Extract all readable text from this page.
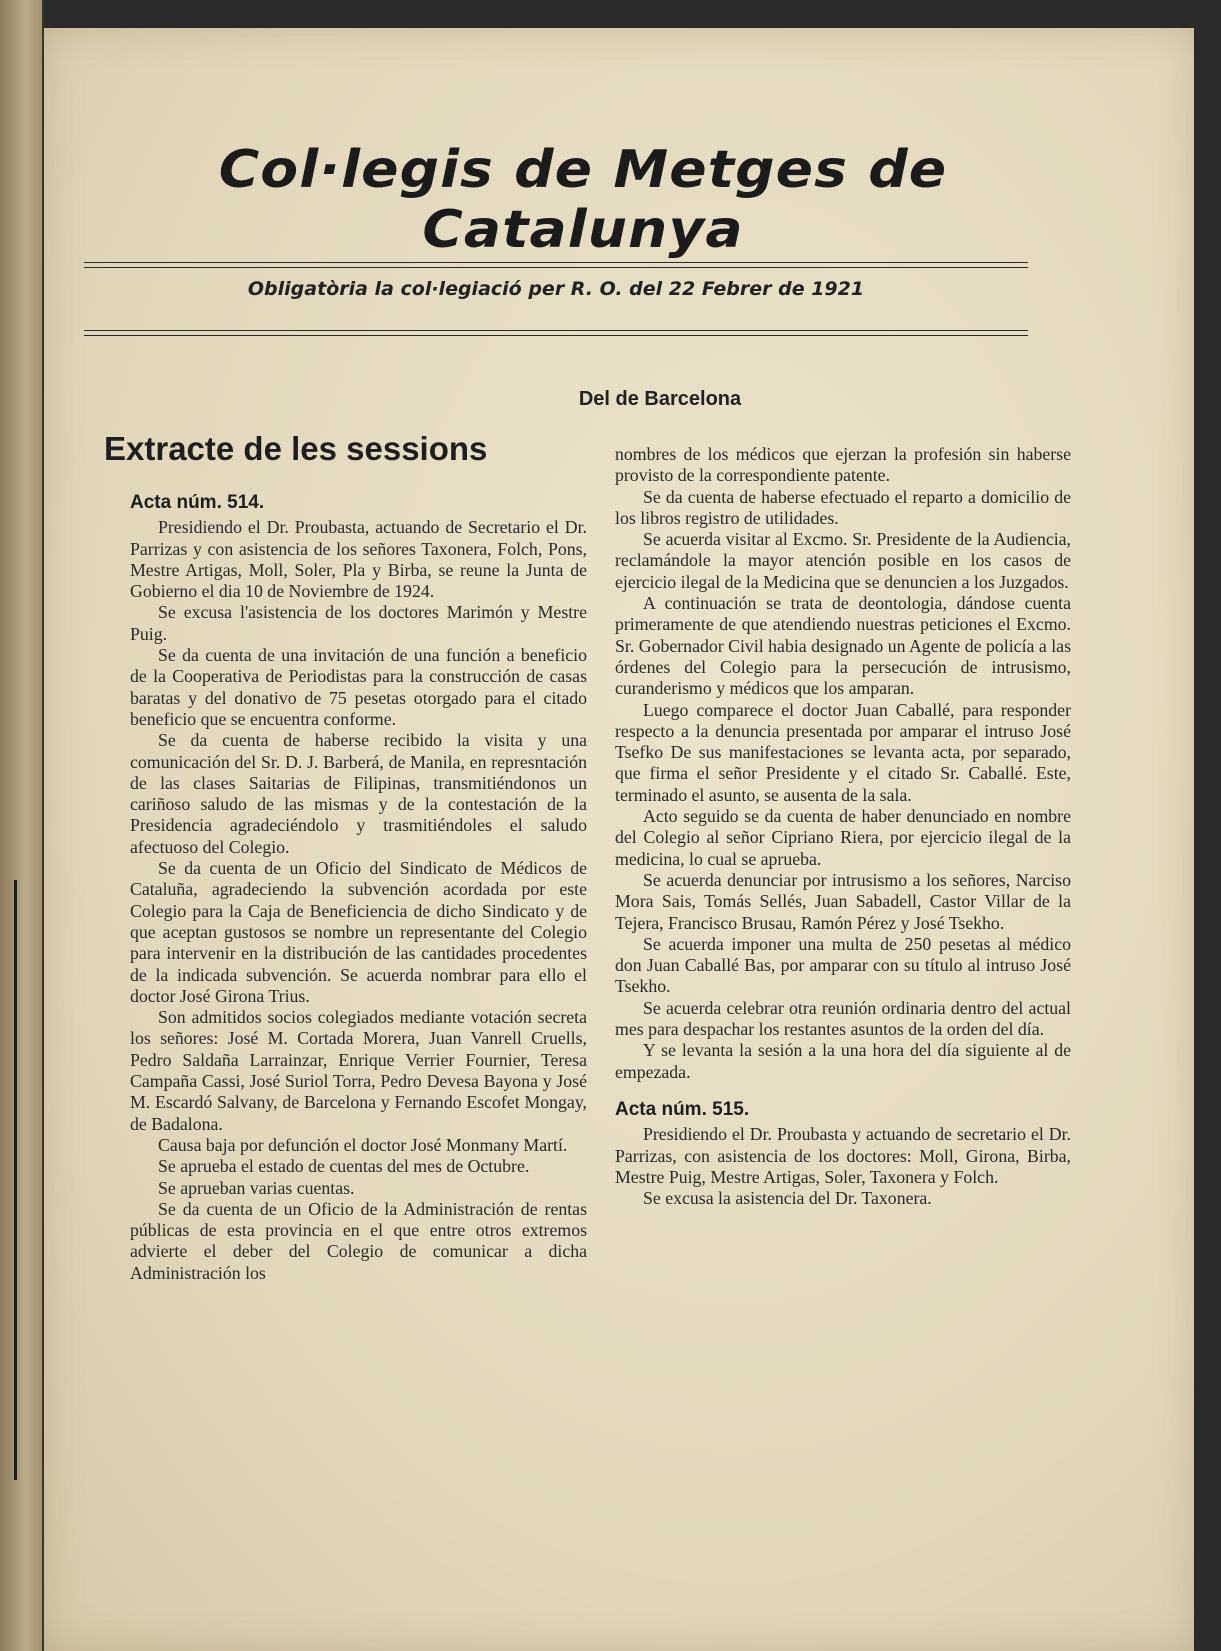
Col·legis de Metges de Catalunya
Obligatòria la col·legiació per R. O. del 22 Febrer de 1921
Del de Barcelona
Extracte de les sessions
Acta núm. 514.

Presidiendo el Dr. Proubasta, actuando de Secretario el Dr. Parrizas y con asistencia de los señores Taxonera, Folch, Pons, Mestre Artigas, Moll, Soler, Pla y Birba, se reune la Junta de Gobierno el dia 10 de Noviembre de 1924.

Se excusa l'asistencia de los doctores Marimón y Mestre Puig.

Se da cuenta de una invitación de una función a beneficio de la Cooperativa de Periodistas para la construcción de casas baratas y del donativo de 75 pesetas otorgado para el citado beneficio que se encuentra conforme.

Se da cuenta de haberse recibido la visita y una comunicación del Sr. D. J. Barberá, de Manila, en represntación de las clases Saitarias de Filipinas, transmitiéndonos un cariñoso saludo de las mismas y de la contestación de la Presidencia agradeciéndolo y trasmitiéndoles el saludo afectuoso del Colegio.

Se da cuenta de un Oficio del Sindicato de Médicos de Cataluña, agradeciendo la subvención acordada por este Colegio para la Caja de Beneficiencia de dicho Sindicato y de que aceptan gustosos se nombre un representante del Colegio para intervenir en la distribución de las cantidades procedentes de la indicada subvención. Se acuerda nombrar para ello el doctor José Girona Trius.

Son admitidos socios colegiados mediante votación secreta los señores: José M. Cortada Morera, Juan Vanrell Cruells, Pedro Saldaña Larrainzar, Enrique Verrier Fournier, Teresa Campaña Cassi, José Suriol Torra, Pedro Devesa Bayona y José M. Escardó Salvany, de Barcelona y Fernando Escofet Mongay, de Badalona.

Causa baja por defunción el doctor José Monmany Martí.

Se aprueba el estado de cuentas del mes de Octubre.

Se aprueban varias cuentas.

Se da cuenta de un Oficio de la Administración de rentas públicas de esta provincia en el que entre otros extremos advierte el deber del Colegio de comunicar a dicha Administración los

nombres de los médicos que ejerzan la profesión sin haberse provisto de la correspondiente patente.

Se da cuenta de haberse efectuado el reparto a domicilio de los libros registro de utilidades.

Se acuerda visitar al Excmo. Sr. Presidente de la Audiencia, reclamándole la mayor atención posible en los casos de ejercicio ilegal de la Medicina que se denuncien a los Juzgados.

A continuación se trata de deontologia, dándose cuenta primeramente de que atendiendo nuestras peticiones el Excmo. Sr. Gobernador Civil habia designado un Agente de policía a las órdenes del Colegio para la persecución de intrusismo, curanderismo y médicos que los amparan.

Luego comparece el doctor Juan Caballé, para responder respecto a la denuncia presentada por amparar el intruso José Tsefko De sus manifestaciones se levanta acta, por separado, que firma el señor Presidente y el citado Sr. Caballé. Este, terminado el asunto, se ausenta de la sala.

Acto seguido se da cuenta de haber denunciado en nombre del Colegio al señor Cipriano Riera, por ejercicio ilegal de la medicina, lo cual se aprueba.

Se acuerda denunciar por intrusismo a los señores, Narciso Mora Sais, Tomás Sellés, Juan Sabadell, Castor Villar de la Tejera, Francisco Brusau, Ramón Pérez y José Tsekho.

Se acuerda imponer una multa de 250 pesetas al médico don Juan Caballé Bas, por amparar con su título al intruso José Tsekho.

Se acuerda celebrar otra reunión ordinaria dentro del actual mes para despachar los restantes asuntos de la orden del día.

Y se levanta la sesión a la una hora del día siguiente al de empezada.

Acta núm. 515.

Presidiendo el Dr. Proubasta y actuando de secretario el Dr. Parrizas, con asistencia de los doctores: Moll, Girona, Birba, Mestre Puig, Mestre Artigas, Soler, Taxonera y Folch.

Se excusa la asistencia del Dr. Taxonera.
